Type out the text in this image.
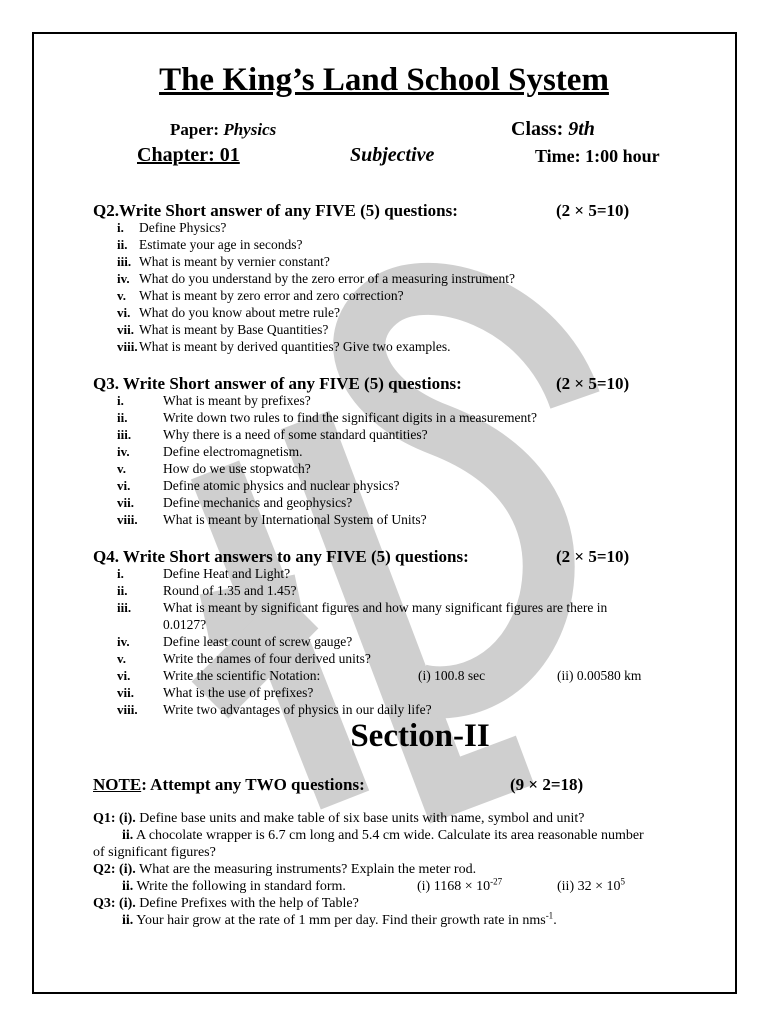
The King’s Land School System
Paper: Physics	Class: 9th
Chapter: 01	Subjective	Time: 1:00 hour
Q2.Write Short answer of any FIVE (5) questions:	(2 × 5=10)
i. Define Physics?
ii. Estimate your age in seconds?
iii. What is meant by vernier constant?
iv. What do you understand by the zero error of a measuring instrument?
v. What is meant by zero error and zero correction?
vi. What do you know about metre rule?
vii. What is meant by Base Quantities?
viii. What is meant by derived quantities? Give two examples.
Q3. Write Short answer of any FIVE (5) questions:	(2 × 5=10)
i.	What is meant by prefixes?
ii.	Write down two rules to find the significant digits in a measurement?
iii. Why there is a need of some standard quantities?
iv. Define electromagnetism.
v.	How do we use stopwatch?
vi. Define atomic physics and nuclear physics?
vii. Define mechanics and geophysics?
viii. What is meant by International System of Units?
Q4. Write Short answers to any FIVE (5) questions:	(2 × 5=10)
i.	Define Heat and Light?
ii.	Round of 1.35 and 1.45?
iii. What is meant by significant figures and how many significant figures are there in
0.0127?
iv. Define least count of screw gauge?
v.	Write the names of four derived units?
vi. Write the scientific Notation:	(i) 100.8 sec	(ii) 0.00580 km
vii. What is the use of prefixes?
viii. Write two advantages of physics in our daily life?
Section-II
NOTE: Attempt any TWO questions:	(9 × 2=18)
Q1: (i). Define base units and make table of six base units with name, symbol and unit?
ii. A chocolate wrapper is 6.7 cm long and 5.4 cm wide. Calculate its area reasonable number
of significant figures?
Q2: (i). What are the measuring instruments? Explain the meter rod.
ii. Write the following in standard form.	(i) $1168 \times 10^{-27}$	(ii) $32 \times 10^5$
Q3: (i). Define Prefixes with the help of Table?
ii. Your hair grow at the rate of 1 mm per day. Find their growth rate in nms$^{-1}$.
